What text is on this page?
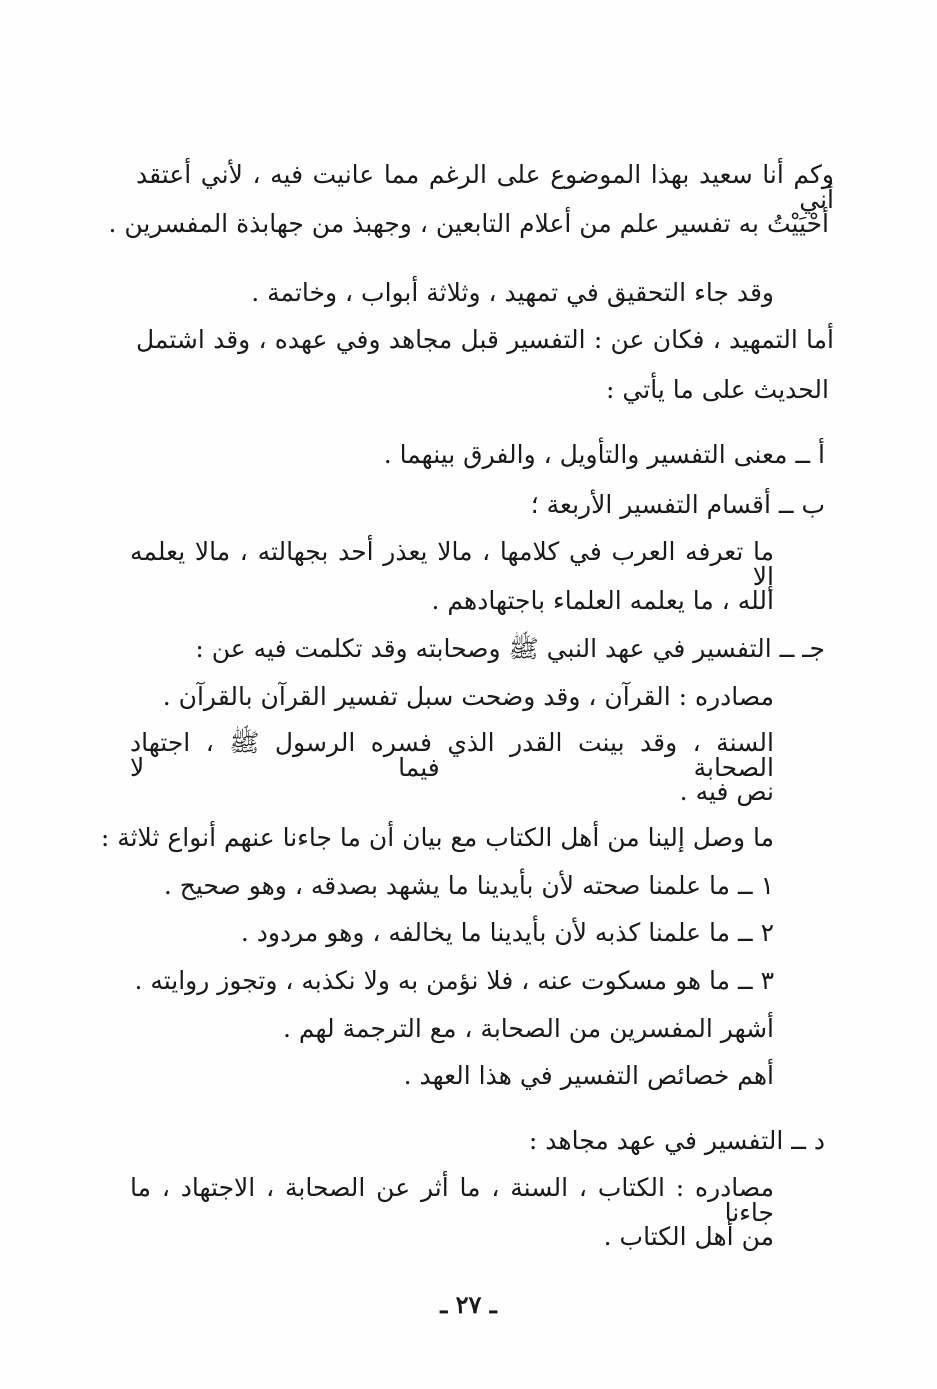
وكم أنا سعيد بهذا الموضوع على الرغم مما عانيت فيه ، لأني أعتقد أني
أحْيَيْتُ به تفسير علم من أعلام التابعين ، وجهبذ من جهابذة المفسرين .
وقد جاء التحقيق في تمهيد ، وثلاثة أبواب ، وخاتمة .
أما التمهيد ، فكان عن : التفسير قبل مجاهد وفي عهده ، وقد اشتمل
الحديث على ما يأتي :
أ ــ معنى التفسير والتأويل ، والفرق بينهما .
ب ــ أقسام التفسير الأربعة ؛
ما تعرفه العرب في كلامها ، مالا يعذر أحد بجهالته ، مالا يعلمه إلا
الله ، ما يعلمه العلماء باجتهادهم .
جـ ــ التفسير في عهد النبي ﷺ وصحابته وقد تكلمت فيه عن :
مصادره : القرآن ، وقد وضحت سبل تفسير القرآن بالقرآن .
السنة ، وقد بينت القدر الذي فسره الرسول ﷺ ، اجتهاد الصحابة فيما لا
نص فيه .
ما وصل إلينا من أهل الكتاب مع بيان أن ما جاءنا عنهم أنواع ثلاثة :
١ ــ ما علمنا صحته لأن بأيدينا ما يشهد بصدقه ، وهو صحيح .
٢ ــ ما علمنا كذبه لأن بأيدينا ما يخالفه ، وهو مردود .
٣ ــ ما هو مسكوت عنه ، فلا نؤمن به ولا نكذبه ، وتجوز روايته .
أشهر المفسرين من الصحابة ، مع الترجمة لهم .
أهم خصائص التفسير في هذا العهد .
د ــ التفسير في عهد مجاهد :
مصادره : الكتاب ، السنة ، ما أثر عن الصحابة ، الاجتهاد ، ما جاءنا
من أهل الكتاب .
ـ ٢٧ ـ
